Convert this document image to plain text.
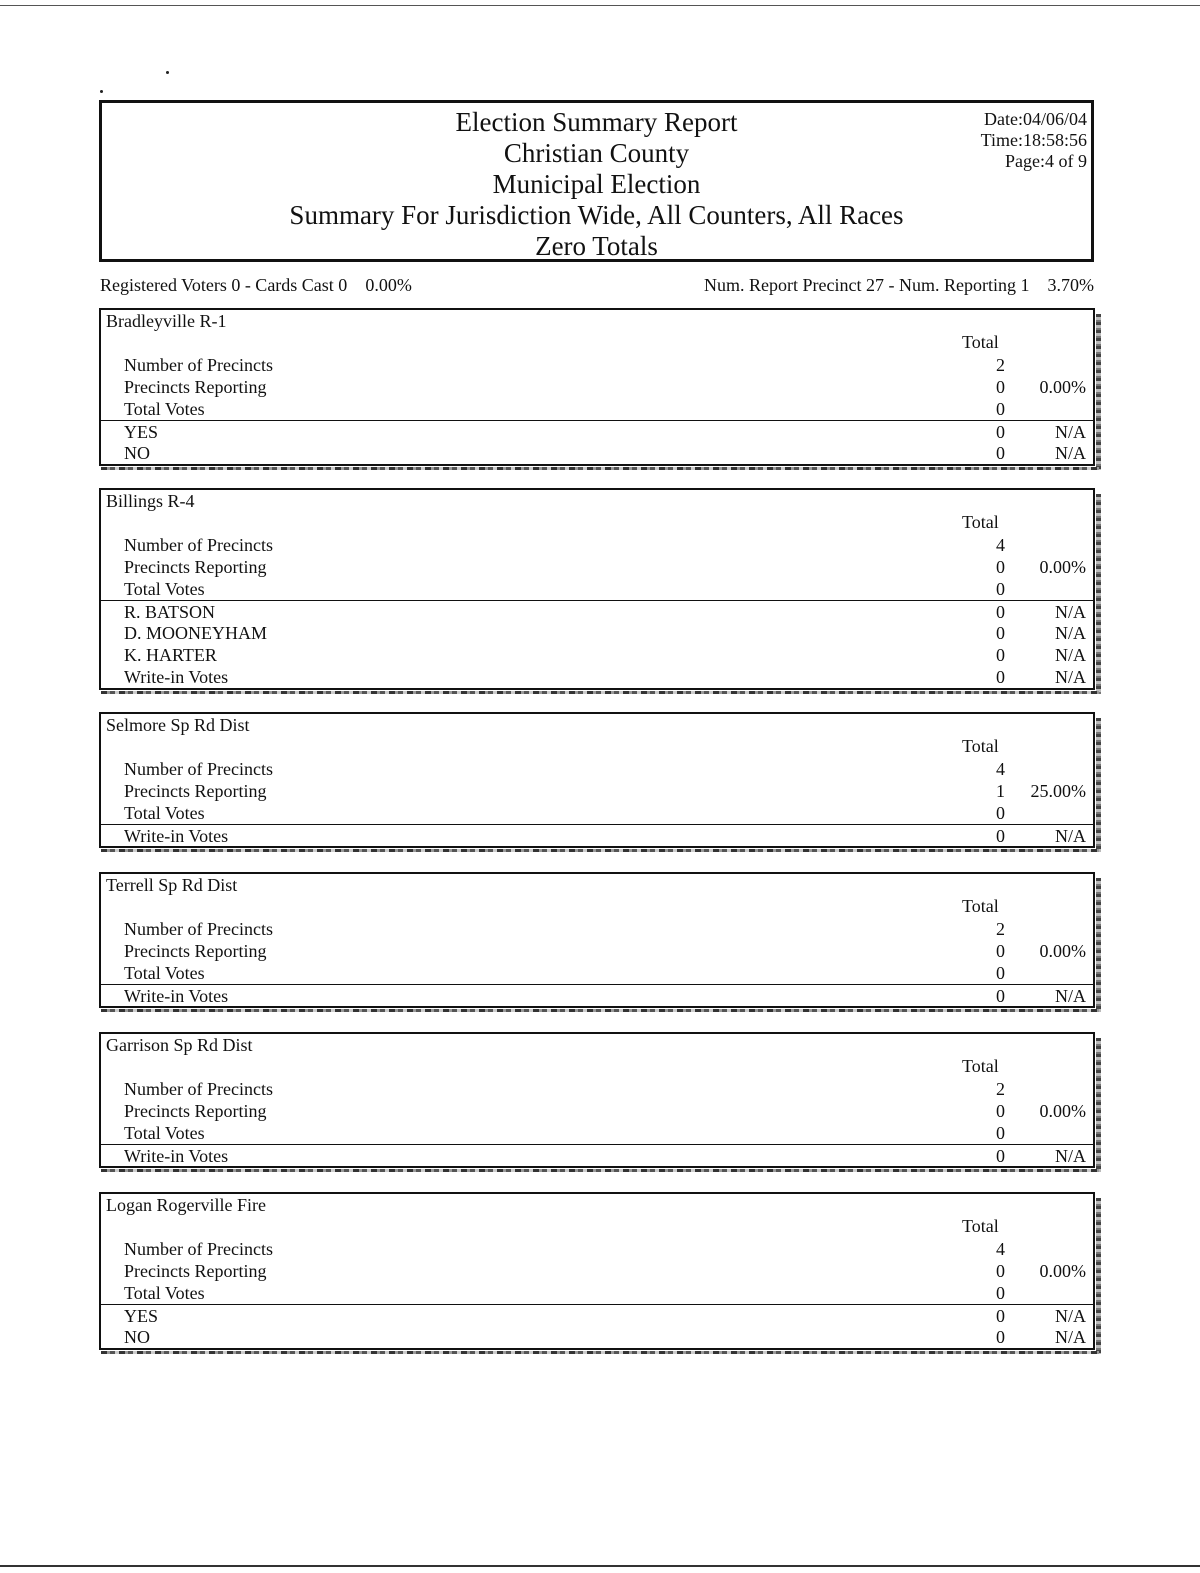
Election Summary Report
Christian County
Municipal Election
Summary For Jurisdiction Wide, All Counters, All Races
Zero Totals
Date:04/06/04
Time:18:58:56
Page:4 of 9
Registered Voters 0 - Cards Cast 0 0.00%	Num. Report Precinct 27 - Num. Reporting 1 3.70%
Bradleyville R-1
Total
Number of Precincts	2
Precincts Reporting	0 0.00%
Total Votes	0
YES	0	N/A
NO	0	N/A
Billings R-4
Total
Number of Precincts	4
Precincts Reporting	0 0.00%
Total Votes	0
R. BATSON	0	N/A
D. MOONEYHAM	0	N/A
K. HARTER	0	N/A
Write-in Votes	0	N/A
Selmore Sp Rd Dist
Total
Number of Precincts	4
Precincts Reporting	1 25.00%
Total Votes	0
Write-in Votes	0	N/A
Terrell Sp Rd Dist
Total
Number of Precincts	2
Precincts Reporting	0 0.00%
Total Votes	0
Write-in Votes	0	N/A
Garrison Sp Rd Dist
Total
Number of Precincts	2
Precincts Reporting	0 0.00%
Total Votes	0
Write-in Votes	0	N/A
Logan Rogerville Fire
Total
Number of Precincts	4
Precincts Reporting	0 0.00%
Total Votes	0
YES	0	N/A
NO	0	N/A
